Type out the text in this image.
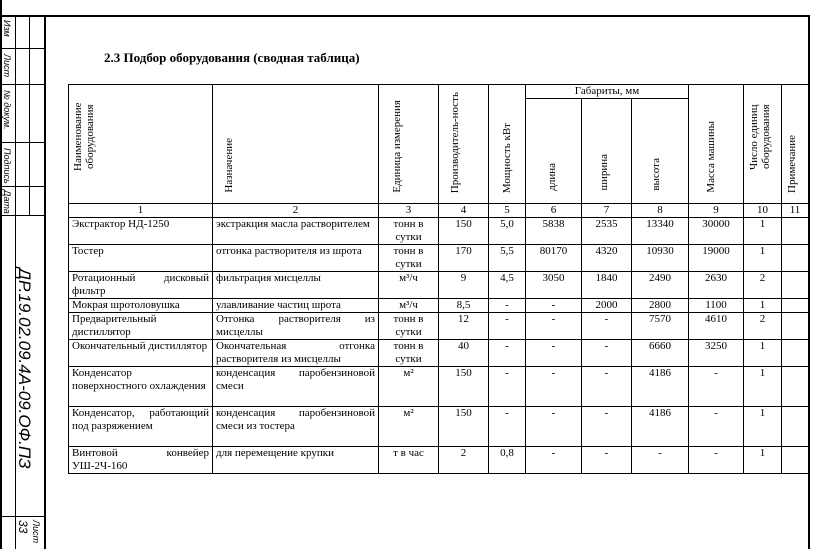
Изм
Лист
№ докум.
Подпись
Дата
ДР.19.02.09.4А-09.ОФ.ПЗ
Лист
33
2.3 Подбор оборудования (сводная таблица)
Наименование оборудования	Назначение	Единица измерения	Производитель-ность	Мощность кВт	Габариты, мм			Масса машины	Число единиц оборудования	Примечание
					длина	ширина	высота			
1	2	3	4	5	6	7	8	9	10	11
Экстрактор НД-1250	экстракция масла растворителем	тонн в сутки	150	5,0	5838	2535	13340	30000	1	
Тостер	отгонка растворителя из шрота	тонн в сутки	170	5,5	80170	4320	10930	19000	1	
Ротационный дисковый фильтр	фильтрация мисцеллы	м³/ч	9	4,5	3050	1840	2490	2630	2	
Мокрая шротоловушка	улавливание частиц шрота	м³/ч	8,5	-	-	2000	2800	1100	1	
Предварительный дистиллятор	Отгонка растворителя из мисцеллы	тонн в сутки	12	-	-	-	7570	4610	2	
Окончательный дистиллятор	Окончательная отгонка растворителя из мисцеллы	тонн в сутки	40	-	-	-	6660	3250	1	
Конденсатор поверхностного охлаждения	конденсация паробензиновой смеси	м²	150	-	-	-	4186	-	1	
Конденсатор, работающий под разряжением	конденсация паробензиновой смеси из тостера	м²	150	-	-	-	4186	-	1	
Винтовой конвейер УШ-2Ч-160	для перемещение крупки	т в час	2	0,8	-	-	-	-	1	
